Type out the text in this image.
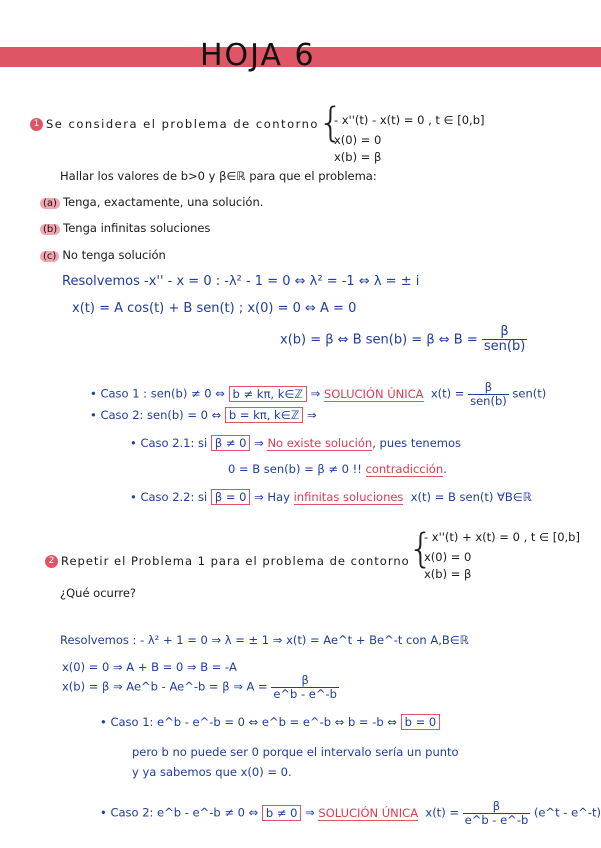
HOJA 6
1 Se considera el problema de contorno {
- x''(t) - x(t) = 0 , t ∈ [0,b]
x(0) = 0
x(b) = β
Hallar los valores de b>0 y β∈ℝ para que el problema:
(a) Tenga, exactamente, una solución.
(b) Tenga infinitas soluciones
(c) No tenga solución
Resolvemos -x'' - x = 0 : -λ² - 1 = 0 ⇔ λ² = -1 ⇔ λ = ± i
x(t) = A cos(t) + B sen(t) ; x(0) = 0 ⇔ A = 0
x(b) = β ⇔ B sen(b) = β ⇔ $B = \frac{\beta}{\text{sen(b)}}$
• Caso 1 : sen(b) ≠ 0 ⇔ b ≠ kπ, k∈ℤ ⇒ SOLUCIÓN ÚNICA $x(t) = \frac{\beta}{\text{sen(b)}} sen(t)$
• Caso 2: sen(b) = 0 ⇔ b = kπ, k∈ℤ ⇒
• Caso 2.1: si β ≠ 0 ⇒ No existe solución, pues tenemos
0 = B sen(b) = β ≠ 0 !! contradicción.
• Caso 2.2: si β = 0 ⇒ Hay infinitas soluciones x(t) = B sen(t) ∀B∈ℝ
2 Repetir el Problema 1 para el problema de contorno
{
- x''(t) + x(t) = 0 , t ∈ [0,b]
x(0) = 0
x(b) = β
¿Qué ocurre?
Resolvemos : - λ² + 1 = 0 ⇒ λ = ± 1 ⇒ x(t) = Ae^t + Be^-t con A,B∈ℝ
x(0) = 0 ⇒ A + B = 0 ⇒ B = -A
x(b) = β ⇒ Ae^b - Ae^-b = β ⇒ $A = \frac{\beta}{e\^{}b - e\^{}-b}$
• Caso 1: e^b - e^-b = 0 ⇔ e^b = e^-b ⇔ b = -b ⇔ b = 0
pero b no puede ser 0 porque el intervalo sería un punto
y ya sabemos que x(0) = 0.
• Caso 2: e^b - e^-b ≠ 0 ⇔ b ≠ 0 ⇒ SOLUCIÓN ÚNICA $x(t) = \frac{\beta}{e\^{}b - e\^{}-b}$ (e^t - e^-t)
